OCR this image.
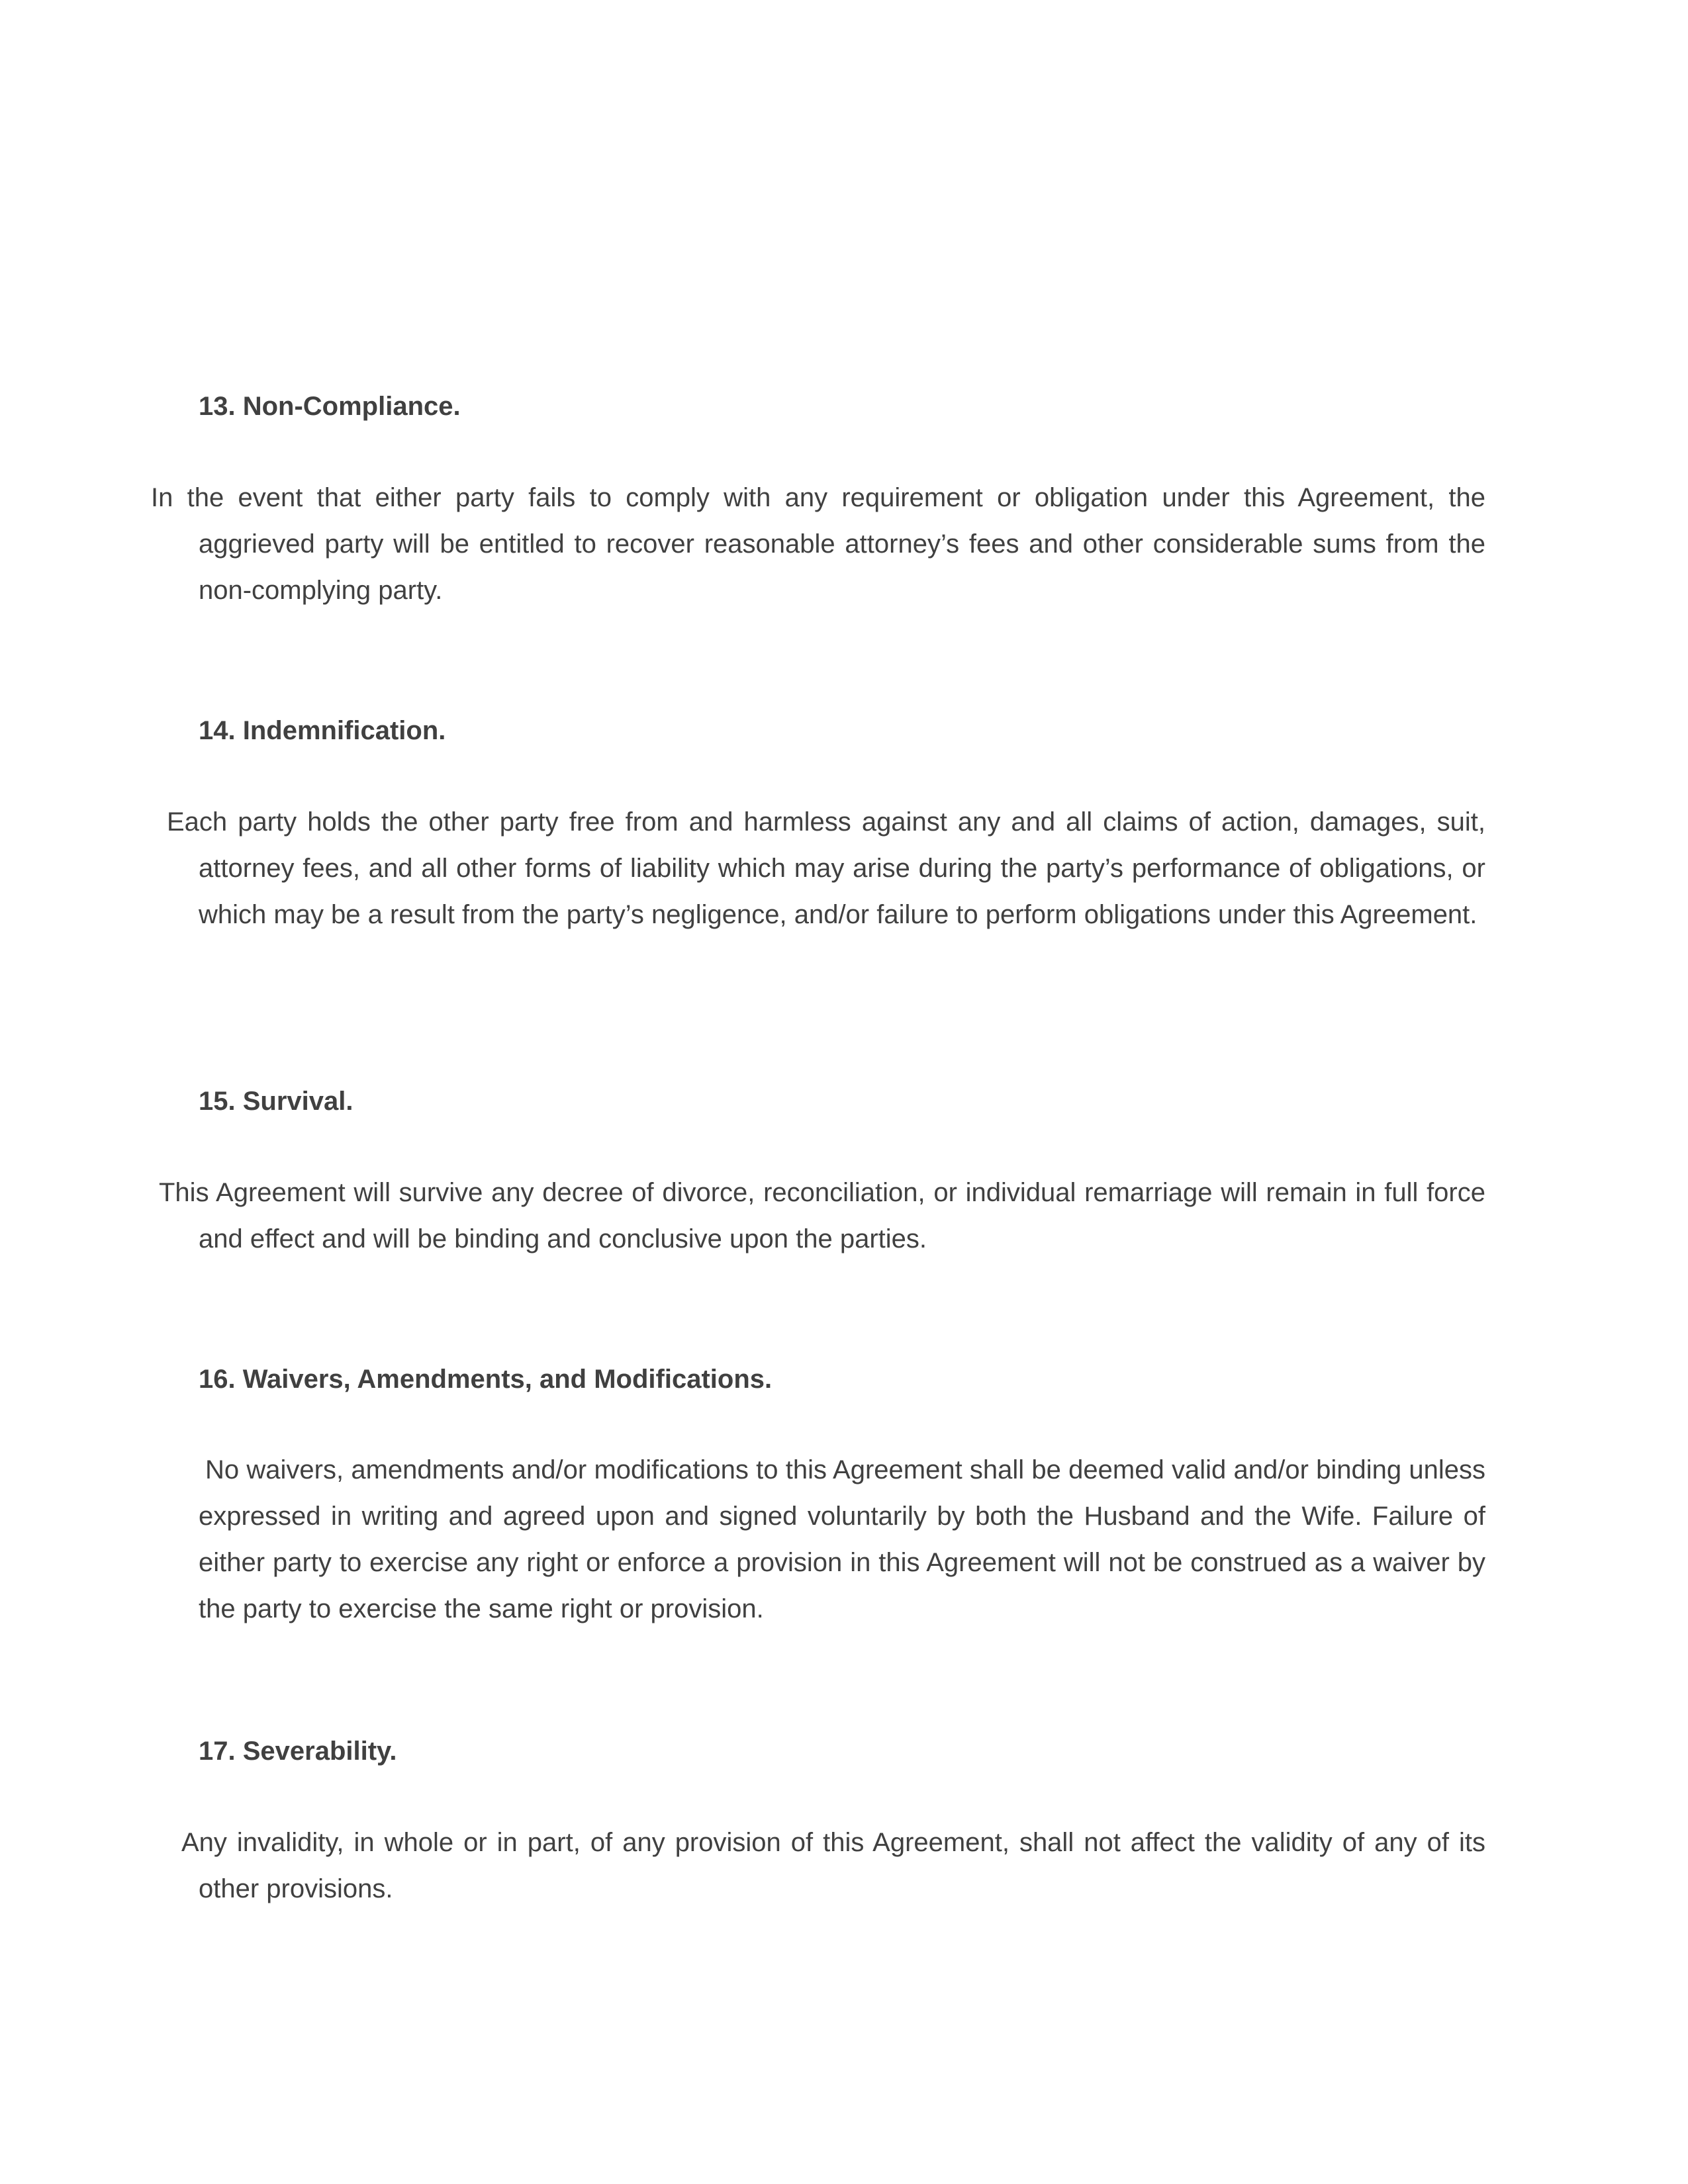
13. Non-Compliance.

In the event that either party fails to comply with any requirement or obligation under this Agreement, the aggrieved party will be entitled to recover reasonable attorney’s fees and other considerable sums from the non-complying party.

14. Indemnification.

Each party holds the other party free from and harmless against any and all claims of action, damages, suit, attorney fees, and all other forms of liability which may arise during the party’s performance of obligations, or which may be a result from the party’s negligence, and/or failure to perform obligations under this Agreement.

15. Survival.

This Agreement will survive any decree of divorce, reconciliation, or individual remarriage will remain in full force and effect and will be binding and conclusive upon the parties.

16. Waivers, Amendments, and Modifications.

No waivers, amendments and/or modifications to this Agreement shall be deemed valid and/or binding unless expressed in writing and agreed upon and signed voluntarily by both the Husband and the Wife. Failure of either party to exercise any right or enforce a provision in this Agreement will not be construed as a waiver by the party to exercise the same right or provision.

17. Severability.

Any invalidity, in whole or in part, of any provision of this Agreement, shall not affect the validity of any of its other provisions.
